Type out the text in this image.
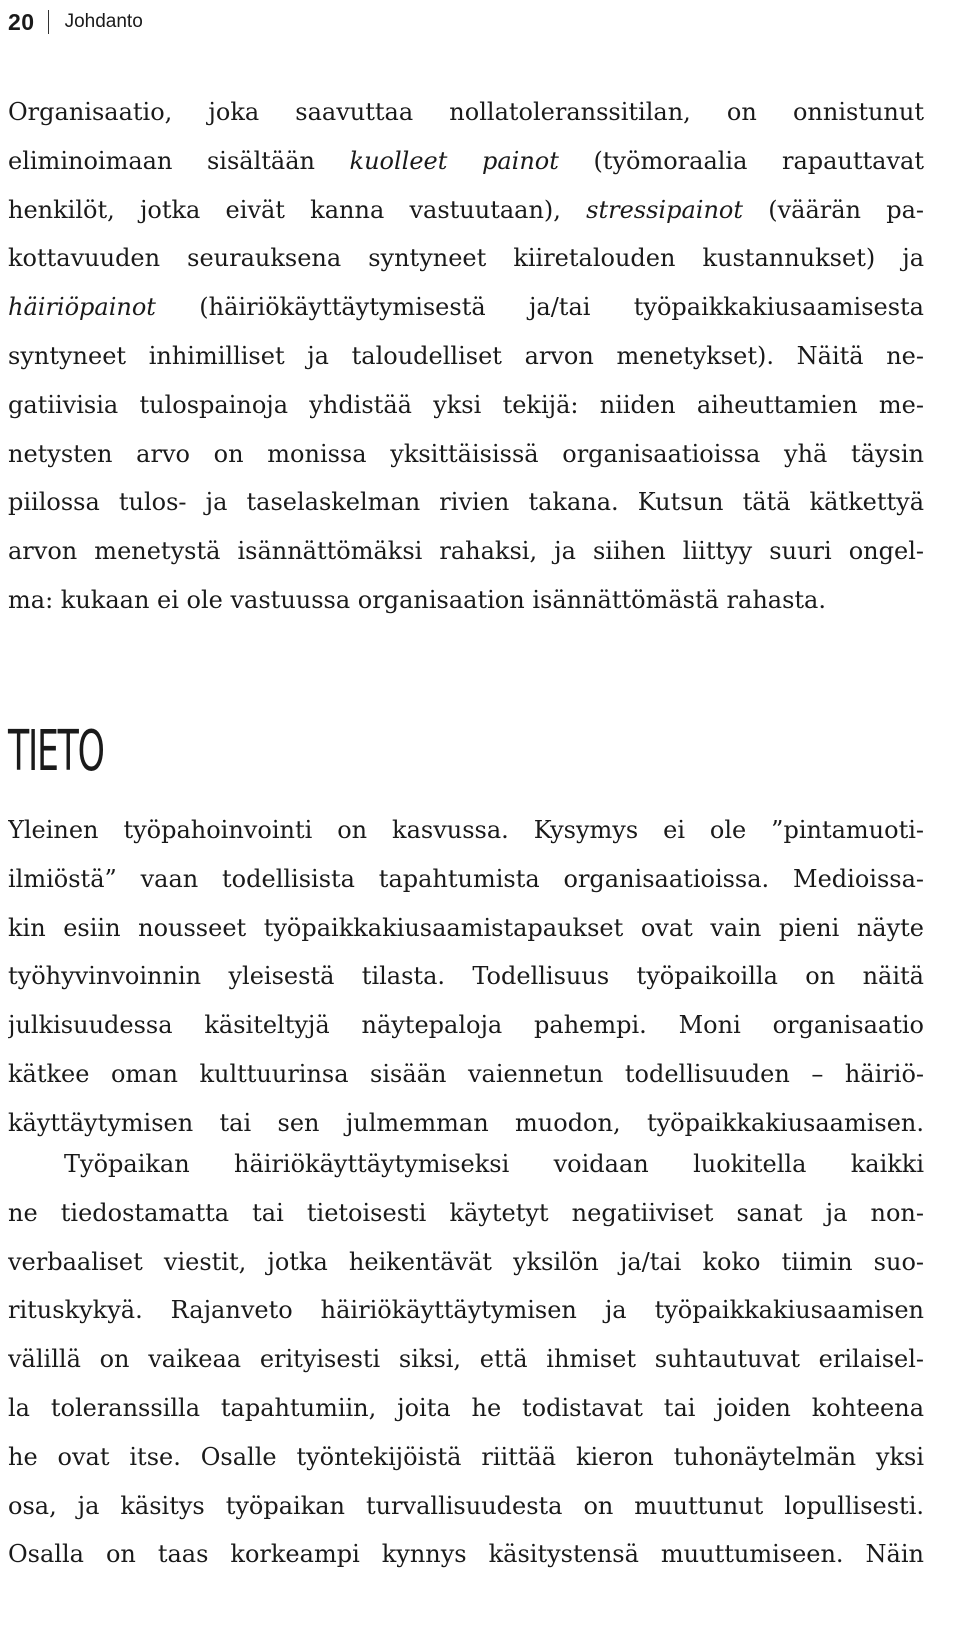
20 Johdanto
Organisaatio, joka saavuttaa nollatoleranssitilan, on onnistunut
eliminoimaan sisältään kuolleet painot (työmoraalia rapauttavat
henkilöt, jotka eivät kanna vastuutaan), stressipainot (väärän pa-
kottavuuden seurauksena syntyneet kiiretalouden kustannukset) ja
häiriöpainot (häiriökäyttäytymisestä ja/tai työpaikkakiusaamisesta
syntyneet inhimilliset ja taloudelliset arvon menetykset). Näitä ne-
gatiivisia tulospainoja yhdistää yksi tekijä: niiden aiheuttamien me-
netysten arvo on monissa yksittäisissä organisaatioissa yhä täysin
piilossa tulos- ja taselaskelman rivien takana. Kutsun tätä kätkettyä
arvon menetystä isännättömäksi rahaksi, ja siihen liittyy suuri ongel-
ma: kukaan ei ole vastuussa organisaation isännättömästä rahasta.
TIETO
Yleinen työpahoinvointi on kasvussa. Kysymys ei ole ”pintamuoti-
ilmiöstä” vaan todellisista tapahtumista organisaatioissa. Medioissa-
kin esiin nousseet työpaikkakiusaamistapaukset ovat vain pieni näyte
työhyvinvoinnin yleisestä tilasta. Todellisuus työpaikoilla on näitä
julkisuudessa käsiteltyjä näytepaloja pahempi. Moni organisaatio
kätkee oman kulttuurinsa sisään vaiennetun todellisuuden – häiriö-
käyttäytymisen tai sen julmemman muodon, työpaikkakiusaamisen.
Työpaikan häiriökäyttäytymiseksi voidaan luokitella kaikki
ne tiedostamatta tai tietoisesti käytetyt negatiiviset sanat ja non-
verbaaliset viestit, jotka heikentävät yksilön ja/tai koko tiimin suo-
rituskykyä. Rajanveto häiriökäyttäytymisen ja työpaikkakiusaamisen
välillä on vaikeaa erityisesti siksi, että ihmiset suhtautuvat erilaisel-
la toleranssilla tapahtumiin, joita he todistavat tai joiden kohteena
he ovat itse. Osalle työntekijöistä riittää kieron tuhonäytelmän yksi
osa, ja käsitys työpaikan turvallisuudesta on muuttunut lopullisesti.
Osalla on taas korkeampi kynnys käsitystensä muuttumiseen. Näin
